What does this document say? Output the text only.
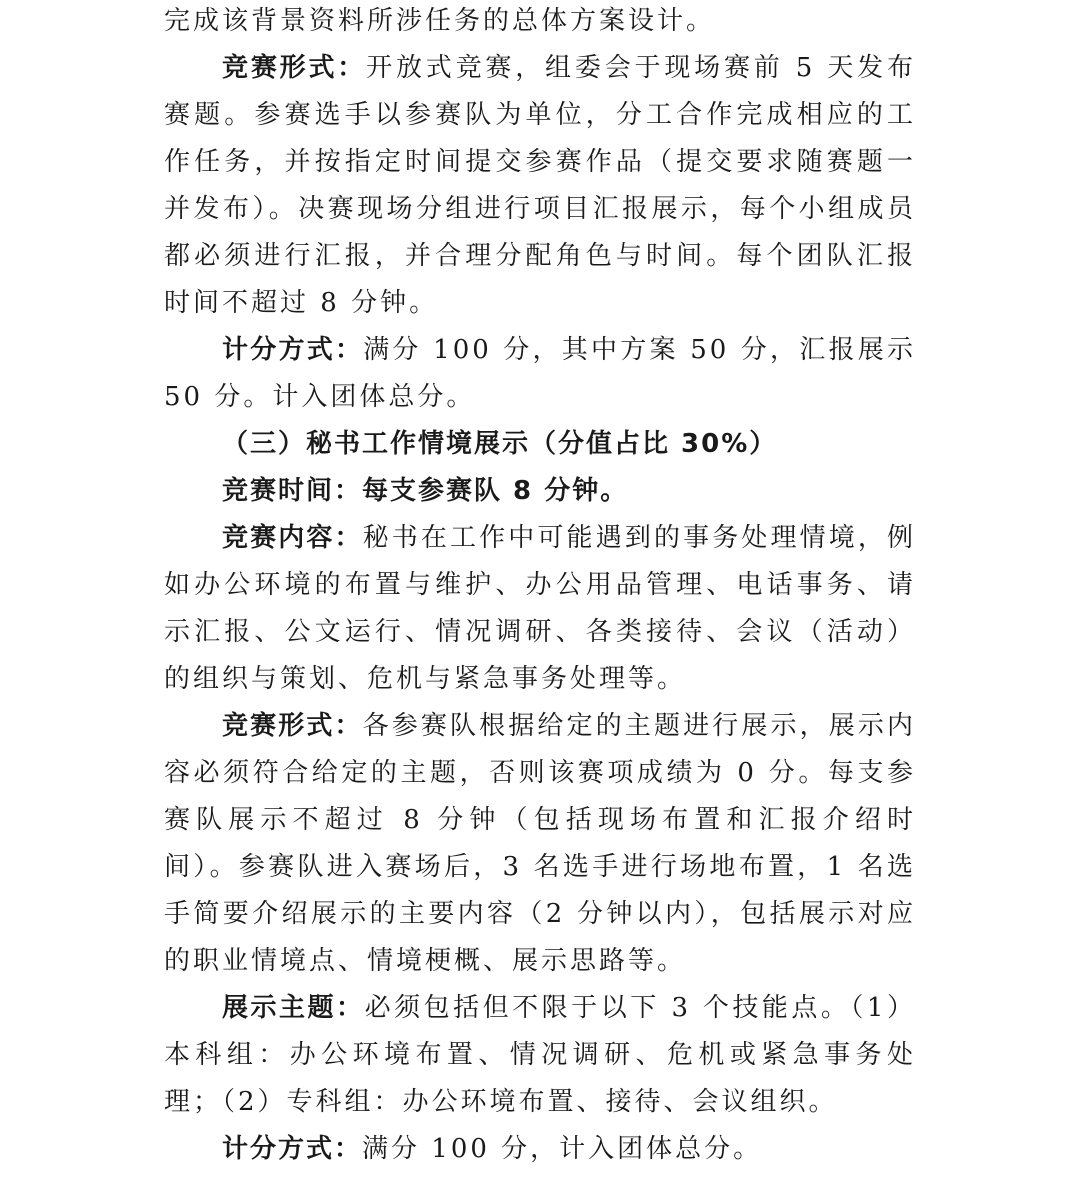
完成该背景资料所涉任务的总体方案设计。

竞赛形式：开放式竞赛，组委会于现场赛前 5 天发布赛题。参赛选手以参赛队为单位，分工合作完成相应的工作任务，并按指定时间提交参赛作品（提交要求随赛题一并发布）。决赛现场分组进行项目汇报展示，每个小组成员都必须进行汇报，并合理分配角色与时间。每个团队汇报时间不超过 8 分钟。

计分方式：满分 100 分，其中方案 50 分，汇报展示 50 分。计入团体总分。

（三）秘书工作情境展示（分值占比 30%）

竞赛时间：每支参赛队 8 分钟。

竞赛内容：秘书在工作中可能遇到的事务处理情境，例如办公环境的布置与维护、办公用品管理、电话事务、请示汇报、公文运行、情况调研、各类接待、会议（活动）的组织与策划、危机与紧急事务处理等。

竞赛形式：各参赛队根据给定的主题进行展示，展示内容必须符合给定的主题，否则该赛项成绩为 0 分。每支参赛队展示不超过 8 分钟（包括现场布置和汇报介绍时间）。参赛队进入赛场后，3 名选手进行场地布置，1 名选手简要介绍展示的主要内容（2 分钟以内），包括展示对应的职业情境点、情境梗概、展示思路等。

展示主题：必须包括但不限于以下 3 个技能点。（1）本科组：办公环境布置、情况调研、危机或紧急事务处理；（2）专科组：办公环境布置、接待、会议组织。

计分方式：满分 100 分，计入团体总分。
